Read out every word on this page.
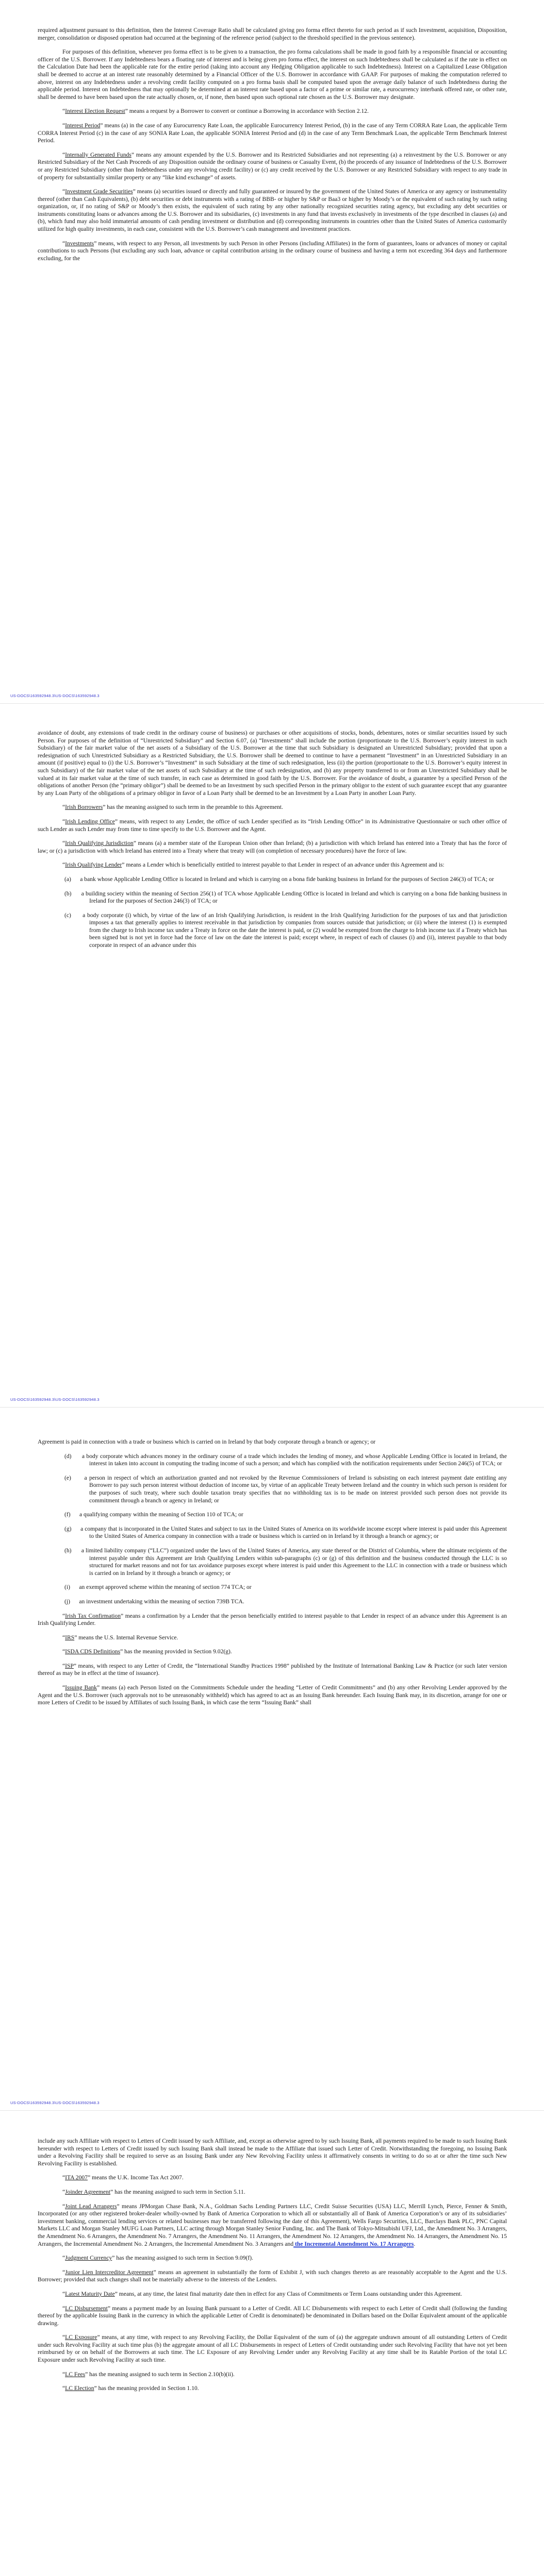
required adjustment pursuant to this definition, then the Interest Coverage Ratio shall be calculated giving pro forma effect thereto for such period as if such Investment, acquisition, Disposition, merger, consolidation or disposed operation had occurred at the beginning of the reference period (subject to the threshold specified in the previous sentence).

For purposes of this definition, whenever pro forma effect is to be given to a transaction, the pro forma calculations shall be made in good faith by a responsible financial or accounting officer of the U.S. Borrower. If any Indebtedness bears a floating rate of interest and is being given pro forma effect, the interest on such Indebtedness shall be calculated as if the rate in effect on the Calculation Date had been the applicable rate for the entire period (taking into account any Hedging Obligation applicable to such Indebtedness). Interest on a Capitalized Lease Obligation shall be deemed to accrue at an interest rate reasonably determined by a Financial Officer of the U.S. Borrower in accordance with GAAP. For purposes of making the computation referred to above, interest on any Indebtedness under a revolving credit facility computed on a pro forma basis shall be computed based upon the average daily balance of such Indebtedness during the applicable period. Interest on Indebtedness that may optionally be determined at an interest rate based upon a factor of a prime or similar rate, a eurocurrency interbank offered rate, or other rate, shall be deemed to have been based upon the rate actually chosen, or, if none, then based upon such optional rate chosen as the U.S. Borrower may designate.

“Interest Election Request” means a request by a Borrower to convert or continue a Borrowing in accordance with Section 2.12.

“Interest Period” means (a) in the case of any Eurocurrency Rate Loan, the applicable Eurocurrency Interest Period, (b) in the case of any Term CORRA Rate Loan, the applicable Term CORRA Interest Period (c) in the case of any SONIA Rate Loan, the applicable SONIA Interest Period and (d) in the case of any Term Benchmark Loan, the applicable Term Benchmark Interest Period.

“Internally Generated Funds” means any amount expended by the U.S. Borrower and its Restricted Subsidiaries and not representing (a) a reinvestment by the U.S. Borrower or any Restricted Subsidiary of the Net Cash Proceeds of any Disposition outside the ordinary course of business or Casualty Event, (b) the proceeds of any issuance of Indebtedness of the U.S. Borrower or any Restricted Subsidiary (other than Indebtedness under any revolving credit facility) or (c) any credit received by the U.S. Borrower or any Restricted Subsidiary with respect to any trade in of property for substantially similar property or any “like kind exchange” of assets.

“Investment Grade Securities” means (a) securities issued or directly and fully guaranteed or insured by the government of the United States of America or any agency or instrumentality thereof (other than Cash Equivalents), (b) debt securities or debt instruments with a rating of BBB- or higher by S&P or Baa3 or higher by Moody’s or the equivalent of such rating by such rating organization, or, if no rating of S&P or Moody’s then exists, the equivalent of such rating by any other nationally recognized securities rating agency, but excluding any debt securities or instruments constituting loans or advances among the U.S. Borrower and its subsidiaries, (c) investments in any fund that invests exclusively in investments of the type described in clauses (a) and (b), which fund may also hold immaterial amounts of cash pending investment or distribution and (d) corresponding instruments in countries other than the United States of America customarily utilized for high quality investments, in each case, consistent with the U.S. Borrower’s cash management and investment practices.

“Investments” means, with respect to any Person, all investments by such Person in other Persons (including Affiliates) in the form of guarantees, loans or advances of money or capital contributions to such Persons (but excluding any such loan, advance or capital contribution arising in the ordinary course of business and having a term not exceeding 364 days and furthermore excluding, for the

US-DOCS\163592948.3\US-DOCS\163592948.3

avoidance of doubt, any extensions of trade credit in the ordinary course of business) or purchases or other acquisitions of stocks, bonds, debentures, notes or similar securities issued by such Person. For purposes of the definition of “Unrestricted Subsidiary” and Section 6.07, (a) “Investments” shall include the portion (proportionate to the U.S. Borrower’s equity interest in such Subsidiary) of the fair market value of the net assets of a Subsidiary of the U.S. Borrower at the time that such Subsidiary is designated an Unrestricted Subsidiary; provided that upon a redesignation of such Unrestricted Subsidiary as a Restricted Subsidiary, the U.S. Borrower shall be deemed to continue to have a permanent “Investment” in an Unrestricted Subsidiary in an amount (if positive) equal to (i) the U.S. Borrower’s “Investment” in such Subsidiary at the time of such redesignation, less (ii) the portion (proportionate to the U.S. Borrower’s equity interest in such Subsidiary) of the fair market value of the net assets of such Subsidiary at the time of such redesignation, and (b) any property transferred to or from an Unrestricted Subsidiary shall be valued at its fair market value at the time of such transfer, in each case as determined in good faith by the U.S. Borrower. For the avoidance of doubt, a guarantee by a specified Person of the obligations of another Person (the “primary obligor”) shall be deemed to be an Investment by such specified Person in the primary obligor to the extent of such guarantee except that any guarantee by any Loan Party of the obligations of a primary obligor in favor of a Loan Party shall be deemed to be an Investment by a Loan Party in another Loan Party.

“Irish Borrowers” has the meaning assigned to such term in the preamble to this Agreement.

“Irish Lending Office” means, with respect to any Lender, the office of such Lender specified as its “Irish Lending Office” in its Administrative Questionnaire or such other office of such Lender as such Lender may from time to time specify to the U.S. Borrower and the Agent.

“Irish Qualifying Jurisdiction” means (a) a member state of the European Union other than Ireland; (b) a jurisdiction with which Ireland has entered into a Treaty that has the force of law; or (c) a jurisdiction with which Ireland has entered into a Treaty where that treaty will (on completion of necessary procedures) have the force of law.

“Irish Qualifying Lender” means a Lender which is beneficially entitled to interest payable to that Lender in respect of an advance under this Agreement and is:

(a)      a bank whose Applicable Lending Office is located in Ireland and which is carrying on a bona fide banking business in Ireland for the purposes of Section 246(3) of TCA; or

(b)      a building society within the meaning of Section 256(1) of TCA whose Applicable Lending Office is located in Ireland and which is carrying on a bona fide banking business in Ireland for the purposes of Section 246(3) of TCA; or

(c)      a body corporate (i) which, by virtue of the law of an Irish Qualifying Jurisdiction, is resident in the Irish Qualifying Jurisdiction for the purposes of tax and that jurisdiction imposes a tax that generally applies to interest receivable in that jurisdiction by companies from sources outside that jurisdiction; or (ii) where the interest (1) is exempted from the charge to Irish income tax under a Treaty in force on the date the interest is paid, or (2) would be exempted from the charge to Irish income tax if a Treaty which has been signed but is not yet in force had the force of law on the date the interest is paid; except where, in respect of each of clauses (i) and (ii), interest payable to that body corporate in respect of an advance under this

US-DOCS\163592948.3\US-DOCS\163592948.3

Agreement is paid in connection with a trade or business which is carried on in Ireland by that body corporate through a branch or agency; or

(d)      a body corporate which advances money in the ordinary course of a trade which includes the lending of money, and whose Applicable Lending Office is located in Ireland, the interest in taken into account in computing the trading income of such a person; and which has complied with the notification requirements under Section 246(5) of TCA; or

(e)      a person in respect of which an authorization granted and not revoked by the Revenue Commissioners of Ireland is subsisting on each interest payment date entitling any Borrower to pay such person interest without deduction of income tax, by virtue of an applicable Treaty between Ireland and the country in which such person is resident for the purposes of such treaty, where such double taxation treaty specifies that no withholding tax is to be made on interest provided such person does not provide its commitment through a branch or agency in Ireland; or

(f)      a qualifying company within the meaning of Section 110 of TCA; or

(g)      a company that is incorporated in the United States and subject to tax in the United States of America on its worldwide income except where interest is paid under this Agreement to the United States of America company in connection with a trade or business which is carried on in Ireland by it through a branch or agency; or

(h)      a limited liability company (“LLC”) organized under the laws of the United States of America, any state thereof or the District of Columbia, where the ultimate recipients of the interest payable under this Agreement are Irish Qualifying Lenders within sub-paragraphs (c) or (g) of this definition and the business conducted through the LLC is so structured for market reasons and not for tax avoidance purposes except where interest is paid under this Agreement to the LLC in connection with a trade or business which is carried on in Ireland by it through a branch or agency; or

(i)      an exempt approved scheme within the meaning of section 774 TCA; or

(j)      an investment undertaking within the meaning of section 739B TCA.

“Irish Tax Confirmation” means a confirmation by a Lender that the person beneficially entitled to interest payable to that Lender in respect of an advance under this Agreement is an Irish Qualifying Lender.

“IRS” means the U.S. Internal Revenue Service.

“ISDA CDS Definitions” has the meaning provided in Section 9.02(g).

“ISP” means, with respect to any Letter of Credit, the “International Standby Practices 1998” published by the Institute of International Banking Law & Practice (or such later version thereof as may be in effect at the time of issuance).

“Issuing Bank” means (a) each Person listed on the Commitments Schedule under the heading “Letter of Credit Commitments” and (b) any other Revolving Lender approved by the Agent and the U.S. Borrower (such approvals not to be unreasonably withheld) which has agreed to act as an Issuing Bank hereunder. Each Issuing Bank may, in its discretion, arrange for one or more Letters of Credit to be issued by Affiliates of such Issuing Bank, in which case the term “Issuing Bank” shall

US-DOCS\163592948.3\US-DOCS\163592948.3

include any such Affiliate with respect to Letters of Credit issued by such Affiliate, and, except as otherwise agreed to by such Issuing Bank, all payments required to be made to such Issuing Bank hereunder with respect to Letters of Credit issued by such Issuing Bank shall instead be made to the Affiliate that issued such Letter of Credit. Notwithstanding the foregoing, no Issuing Bank under a Revolving Facility shall be required to serve as an Issuing Bank under any New Revolving Facility unless it affirmatively consents in writing to do so at or after the time such New Revolving Facility is established.

“ITA 2007” means the U.K. Income Tax Act 2007.

“Joinder Agreement” has the meaning assigned to such term in Section 5.11.

“Joint Lead Arrangers” means JPMorgan Chase Bank, N.A., Goldman Sachs Lending Partners LLC, Credit Suisse Securities (USA) LLC, Merrill Lynch, Pierce, Fenner & Smith, Incorporated (or any other registered broker-dealer wholly-owned by Bank of America Corporation to which all or substantially all of Bank of America Corporation’s or any of its subsidiaries’ investment banking, commercial lending services or related businesses may be transferred following the date of this Agreement), Wells Fargo Securities, LLC, Barclays Bank PLC, PNC Capital Markets LLC and Morgan Stanley MUFG Loan Partners, LLC acting through Morgan Stanley Senior Funding, Inc. and The Bank of Tokyo-Mitsubishi UFJ, Ltd., the Amendment No. 3 Arrangers, the Amendment No. 6 Arrangers, the Amendment No. 7 Arrangers, the Amendment No. 11 Arrangers, the Amendment No. 12 Arrangers, the Amendment No. 14 Arrangers, the Amendment No. 15 Arrangers, the Incremental Amendment No. 2 Arrangers, the Incremental Amendment No. 3 Arrangers and the Incremental Amendment No. 17 Arrangers.

“Judgment Currency” has the meaning assigned to such term in Section 9.09(f).

“Junior Lien Intercreditor Agreement” means an agreement in substantially the form of Exhibit J, with such changes thereto as are reasonably acceptable to the Agent and the U.S. Borrower; provided that such changes shall not be materially adverse to the interests of the Lenders.

“Latest Maturity Date” means, at any time, the latest final maturity date then in effect for any Class of Commitments or Term Loans outstanding under this Agreement.

“LC Disbursement” means a payment made by an Issuing Bank pursuant to a Letter of Credit. All LC Disbursements with respect to each Letter of Credit shall (following the funding thereof by the applicable Issuing Bank in the currency in which the applicable Letter of Credit is denominated) be denominated in Dollars based on the Dollar Equivalent amount of the applicable drawing.

“LC Exposure” means, at any time, with respect to any Revolving Facility, the Dollar Equivalent of the sum of (a) the aggregate undrawn amount of all outstanding Letters of Credit under such Revolving Facility at such time plus (b) the aggregate amount of all LC Disbursements in respect of Letters of Credit outstanding under such Revolving Facility that have not yet been reimbursed by or on behalf of the Borrowers at such time. The LC Exposure of any Revolving Lender under any Revolving Facility at any time shall be its Ratable Portion of the total LC Exposure under such Revolving Facility at such time.

“LC Fees” has the meaning assigned to such term in Section 2.10(b)(ii).

“LC Election” has the meaning provided in Section 1.10.
